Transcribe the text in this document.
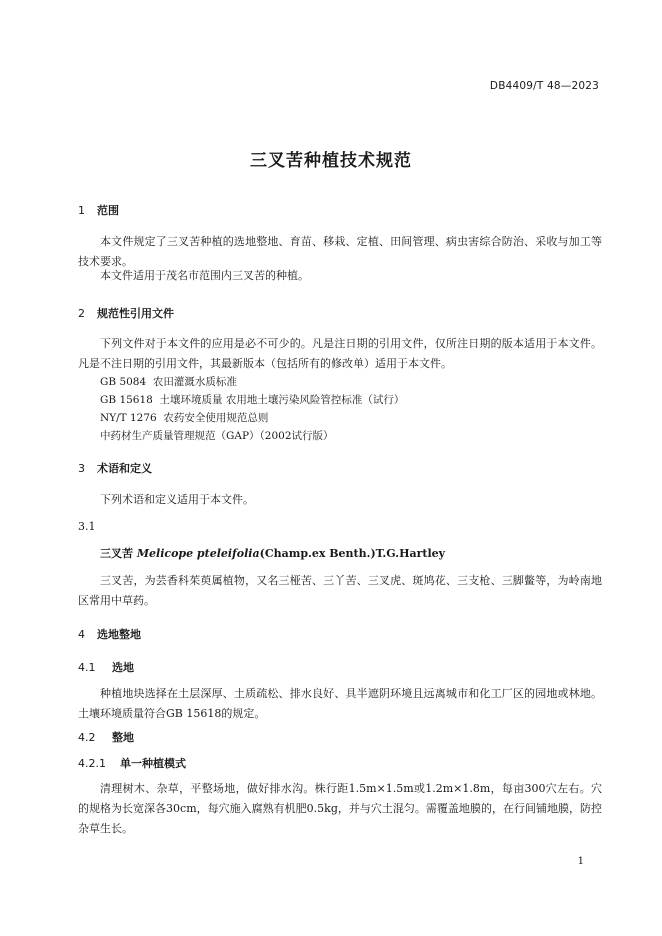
DB4409/T 48—2023
三叉苦种植技术规范
1 范围
本文件规定了三叉苦种植的选地整地、育苗、移栽、定植、田间管理、病虫害综合防治、采收与加工等技术要求。
本文件适用于茂名市范围内三叉苦的种植。
2 规范性引用文件
下列文件对于本文件的应用是必不可少的。凡是注日期的引用文件，仅所注日期的版本适用于本文件。凡是不注日期的引用文件，其最新版本（包括所有的修改单）适用于本文件。
GB 5084  农田灌溉水质标准
GB 15618  土壤环境质量 农用地土壤污染风险管控标准（试行）
NY/T 1276  农药安全使用规范总则
中药材生产质量管理规范（GAP）（2002试行版）
3 术语和定义
下列术语和定义适用于本文件。
3.1
三叉苦 Melicope pteleifolia(Champ.ex Benth.)T.G.Hartley
三叉苦，为芸香科茱萸属植物，又名三桠苦、三丫苦、三叉虎、斑鸠花、三支枪、三脚鳖等，为岭南地区常用中草药。
4 选地整地
4.1 选地
种植地块选择在土层深厚、土质疏松、排水良好、具半遮阴环境且远离城市和化工厂区的园地或林地。土壤环境质量符合GB 15618的规定。
4.2 整地
4.2.1 单一种植模式
清理树木、杂草，平整场地，做好排水沟。株行距1.5m×1.5m或1.2m×1.8m，每亩300穴左右。穴的规格为长宽深各30cm，每穴施入腐熟有机肥0.5kg，并与穴土混匀。需覆盖地膜的，在行间铺地膜，防控杂草生长。
1
